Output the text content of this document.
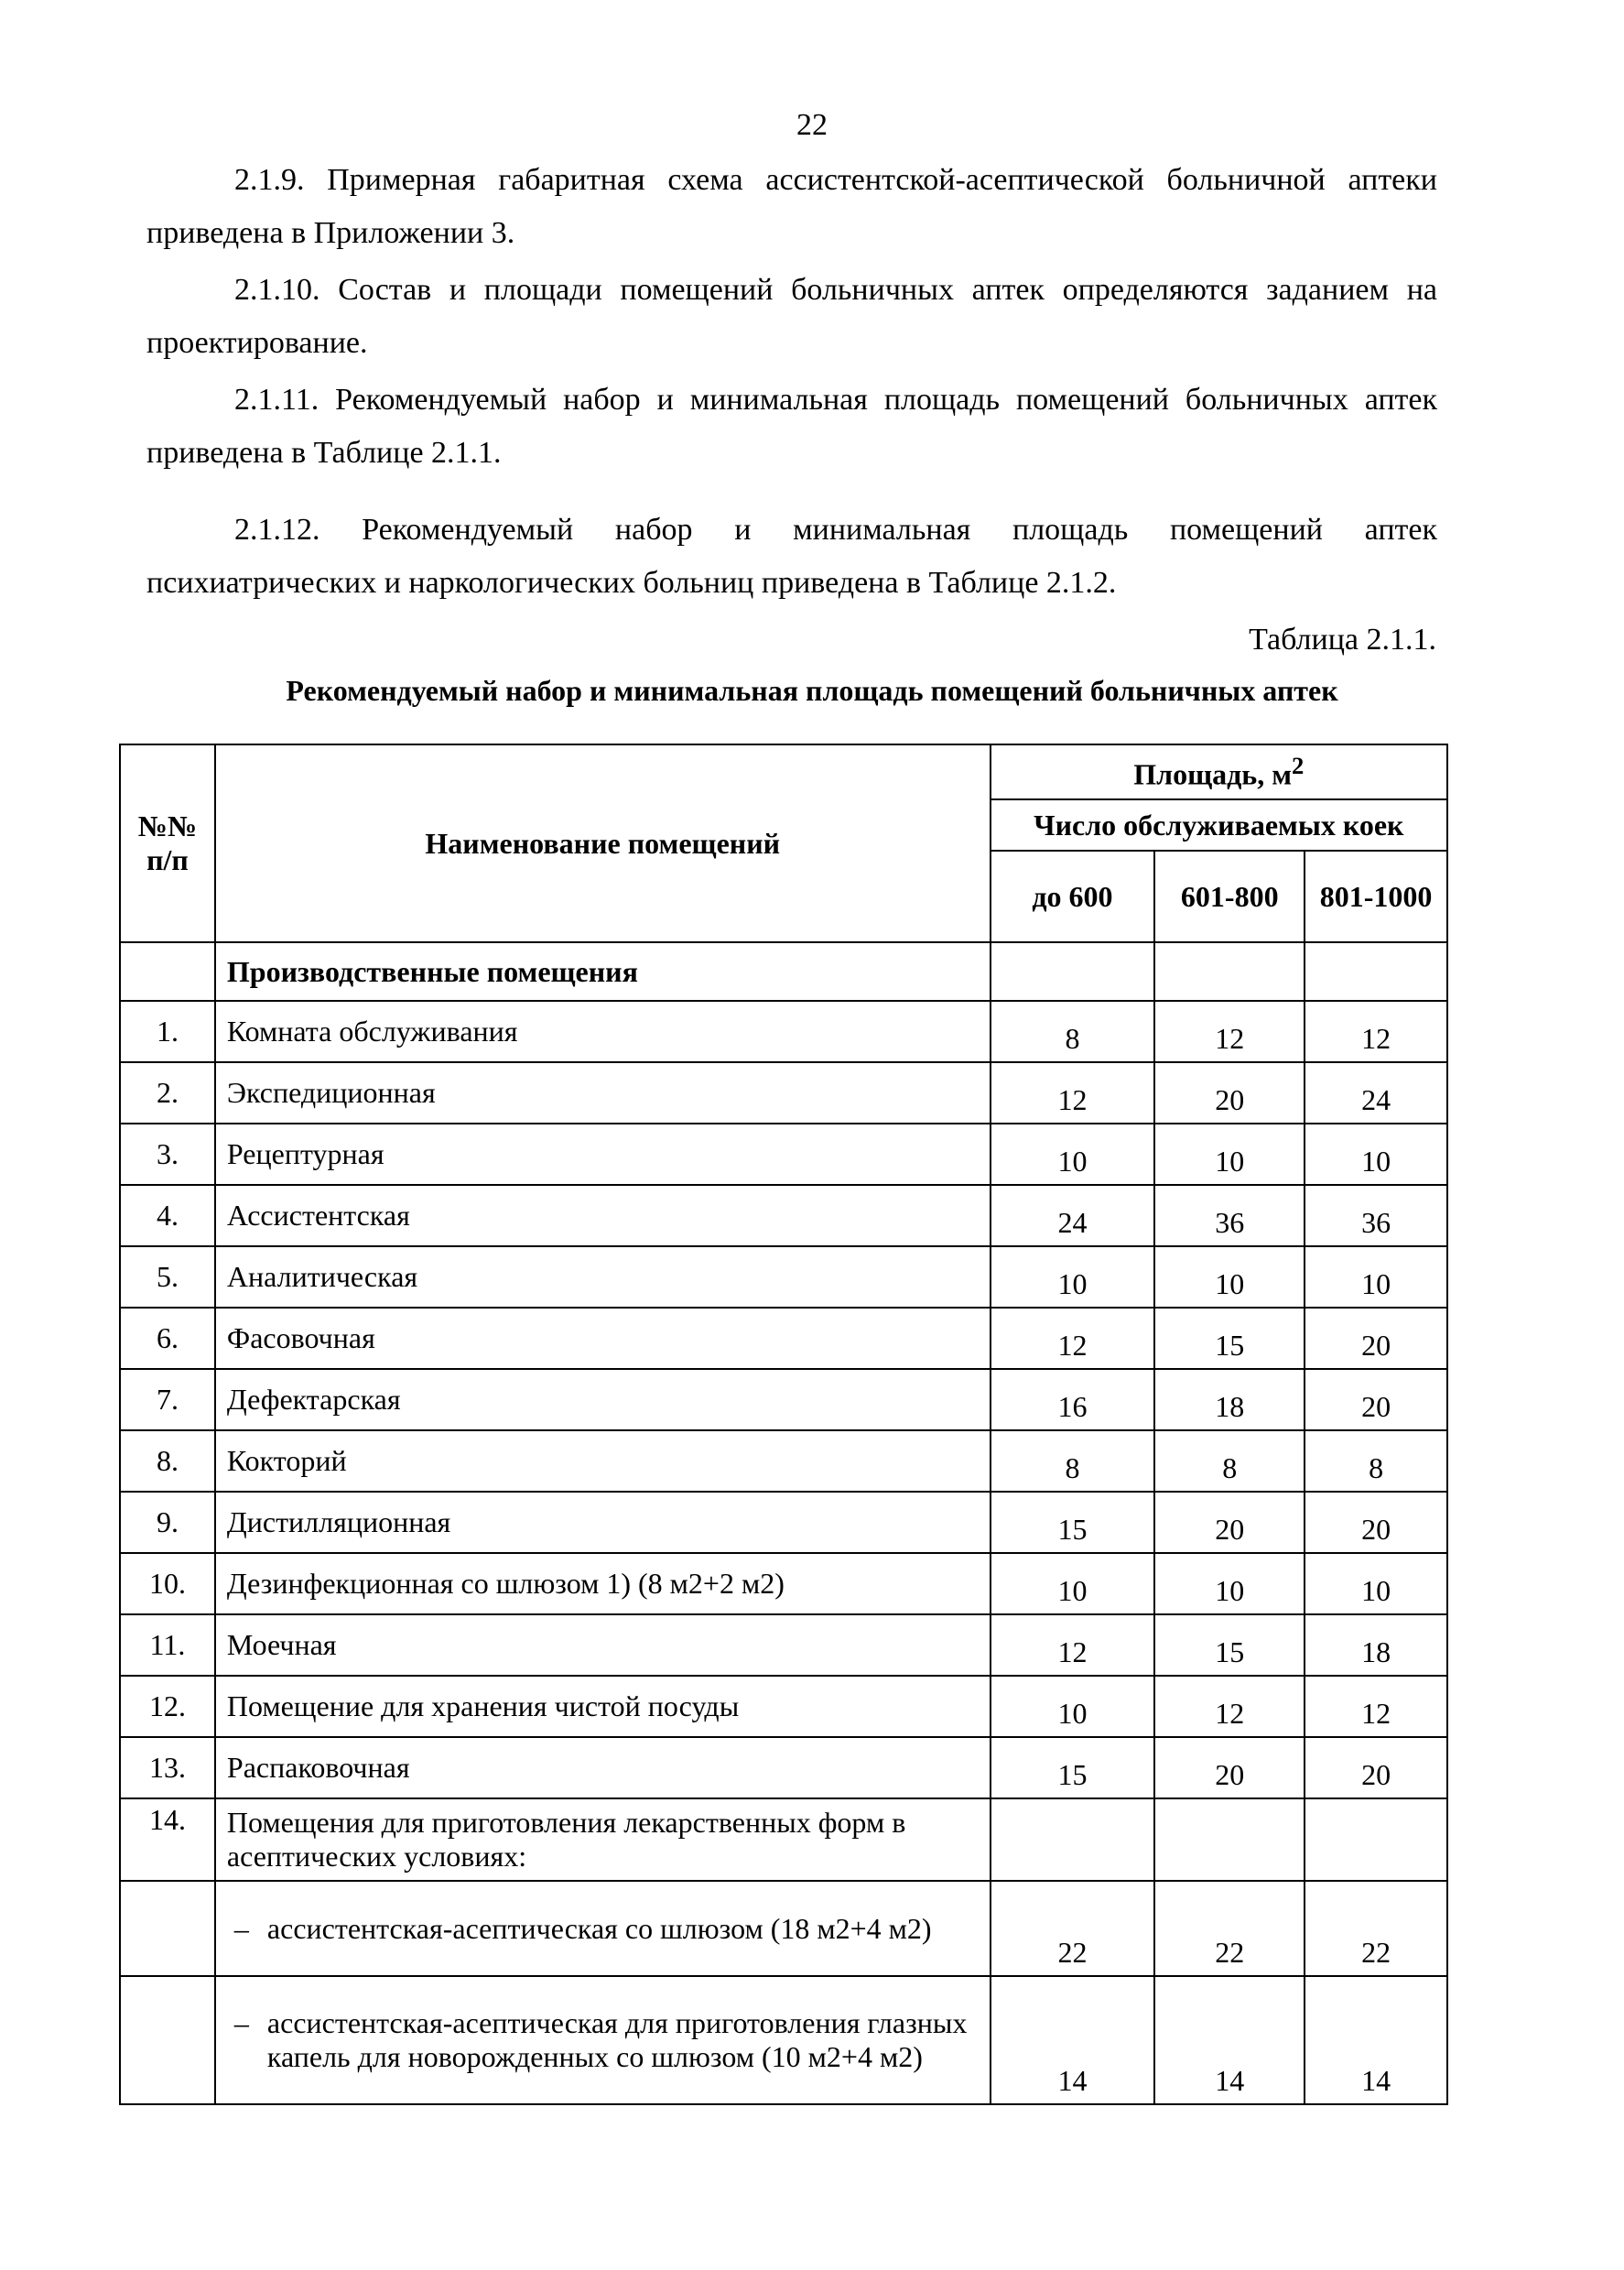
22
2.1.9. Примерная габаритная схема ассистентской-асептической больничной аптеки
приведена в Приложении 3.
2.1.10. Состав и площади помещений больничных аптек определяются заданием на
проектирование.
2.1.11. Рекомендуемый набор и минимальная площадь помещений больничных аптек
приведена в Таблице 2.1.1.
2.1.12. Рекомендуемый набор и минимальная площадь помещений аптек
психиатрических и наркологических больниц приведена в Таблице 2.1.2.
Таблица 2.1.1.
Рекомендуемый набор и минимальная площадь помещений больничных аптек
№№ п/п	Наименование помещений	Площадь, $м^2$
		Число обслуживаемых коек		
		до 600	601-800	801-1000
	Производственные помещения			
1.	Комната обслуживания	8	12	12
2.	Экспедиционная	12	20	24
3.	Рецептурная	10	10	10
4.	Ассистентская	24	36	36
5.	Аналитическая	10	10	10
6.	Фасовочная	12	15	20
7.	Дефектарская	16	18	20
8.	Кокторий	8	8	8
9.	Дистилляционная	15	20	20
10.	Дезинфекционная со шлюзом 1) (8 м2+2 м2)	10	10	10
11.	Моечная	12	15	18
12.	Помещение для хранения чистой посуды	10	12	12
13.	Распаковочная	15	20	20
14.	Помещения для приготовления лекарственных форм в асептических условиях:			
	– ассистентская-асептическая со шлюзом (18 м2+4 м2)	22	22	22
	– ассистентская-асептическая для приготовления глазных капель для новорожденных со шлюзом (10 м2+4 м2)	14	14	14
